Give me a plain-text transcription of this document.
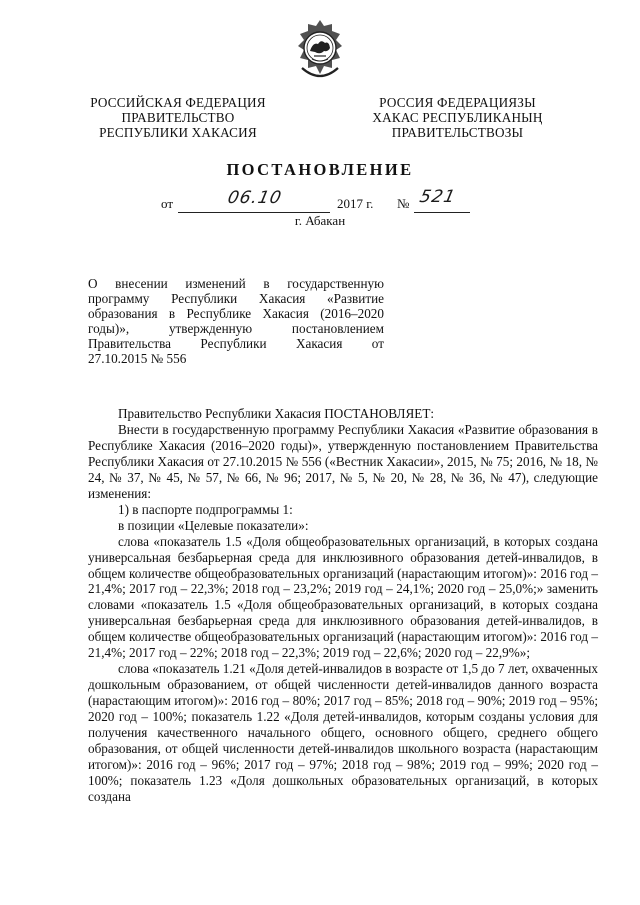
РОССИЙСКАЯ ФЕДЕРАЦИЯ
ПРАВИТЕЛЬСТВО
РЕСПУБЛИКИ ХАКАСИЯ
РОССИЯ ФЕДЕРАЦИЯЗЫ
ХАКАС РЕСПУБЛИКАНЫҢ
ПРАВИТЕЛЬСТВОЗЫ
ПОСТАНОВЛЕНИЕ
от	06.10	2017 г. № 521
г. Абакан
О внесении изменений в государственную
программу Республики Хакасия «Развитие
образования в Республике Хакасия (2016–2020
годы)», утвержденную постановлением
Правительства Республики Хакасия от
27.10.2015 № 556

Правительство Республики Хакасия ПОСТАНОВЛЯЕТ:

Внести в государственную программу Республики Хакасия «Развитие образования в Республике Хакасия (2016–2020 годы)», утвержденную постановлением Правительства Республики Хакасия от 27.10.2015 № 556 («Вестник Хакасии», 2015, № 75; 2016, № 18, № 24, № 37, № 45, № 57, № 66, № 96; 2017, № 5, № 20, № 28, № 36, № 47), следующие изменения:

1) в паспорте подпрограммы 1:

в позиции «Целевые показатели»:

слова «показатель 1.5 «Доля общеобразовательных организаций, в которых создана универсальная безбарьерная среда для инклюзивного образования детей-инвалидов, в общем количестве общеобразовательных организаций (нарастающим итогом)»: 2016 год – 21,4%; 2017 год – 22,3%; 2018 год – 23,2%; 2019 год – 24,1%; 2020 год – 25,0%;» заменить словами «показатель 1.5 «Доля общеобразовательных организаций, в которых создана универсальная безбарьерная среда для инклюзивного образования детей-инвалидов, в общем количестве общеобразовательных организаций (нарастающим итогом)»: 2016 год – 21,4%; 2017 год – 22%; 2018 год – 22,3%; 2019 год – 22,6%; 2020 год – 22,9%»;

слова «показатель 1.21 «Доля детей-инвалидов в возрасте от 1,5 до 7 лет, охваченных дошкольным образованием, от общей численности детей-инвалидов данного возраста (нарастающим итогом)»: 2016 год – 80%; 2017 год – 85%; 2018 год – 90%; 2019 год – 95%; 2020 год – 100%; показатель 1.22 «Доля детей-инвалидов, которым созданы условия для получения качественного начального общего, основного общего, среднего общего образования, от общей численности детей-инвалидов школьного возраста (нарастающим итогом)»: 2016 год – 96%; 2017 год – 97%; 2018 год – 98%; 2019 год – 99%; 2020 год – 100%; показатель 1.23 «Доля дошкольных образовательных организаций, в которых создана
